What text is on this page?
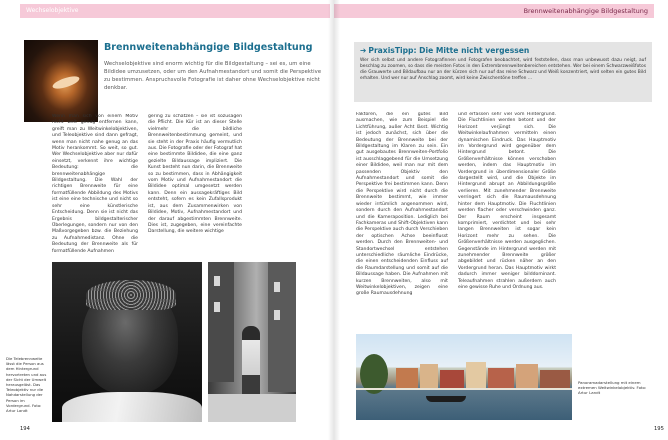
Wechselobjektive
Brennweitenabhängige Bildgestaltung
Wechselobjektive sind enorm wichtig für die Bildgestaltung – sei es, um eine Bildidee umzusetzen, oder um den Aufnahmestandort und somit die Perspektive zu bestimmen. Anspruchsvolle Fotografie ist daher ohne Wechselobjektive nicht denkbar.
Wenn man sich von einem Motiv nicht weit genug entfernen kann, greift man zu Weitwinkelobjektiven, und Teleobjektive sind dann gefragt, wenn man nicht nahe genug an das Motiv herankommt. So weit, so gut. Wer Wechselobjektive aber nur dafür einsetzt, verkennt ihre wichtige Bedeutung: die brennweitenabhängige Bildgestaltung. Die Wahl der richtigen Brennweite für eine formatfüllende Abbildung des Motivs ist eine eine technische und nicht so sehr eine künstlerische Entscheidung. Denn sie ist nicht das Ergebnis bildgestalterischer Überlegungen, sondern nur von den Maßvorgegeben bzw. die Beziehung zu Aufnahmedistanz. Ohne die Bedeutung der Brennweite als für formatfüllende Aufnahmen
gering zu schätzen – sie ist sozusagen die Pflicht. Die Kür ist an dieser Stelle vielmehr die bildliche Brennweitenbestimmung gemeint, und sie steht in der Praxis häufig vermutlich aus. Die Fotografie oder der Fotograf hat eine bestimmte Bildidee, die eine ganz gezielte Bildaussage impliziert. Die Kunst besteht nun darin, die Brennweite so zu bestimmen, dass in Abhängigkeit vom Motiv und Aufnahmestandort die Bildidee optimal umgesetzt werden kann. Denn ein aussagekräftiges Bild entsteht, sofern es kein Zufallsprodukt ist, aus dem Zusammenwirken von Bildidee, Motiv, Aufnahmestandort und der darauf abgestimmten Brennweite. Dies ist, zugegeben, eine vereinfachte Darstellung, die weitere wichtige
Die Telebrennweite lässt die Person aus dem Hintergrund hervortreten und aus der Sicht der Umwelt herausgelöst. Das Teleobjektiv nur die Nahdarstellung der Person im Vordergrund. Foto: Artur Landt
194
Brennweitenabhängige Bildgestaltung
➔ PraxisTipp: Die Mitte nicht vergessen
Wer sich selbst und andere Fotografinnen und Fotografen beobachtet, wird feststellen, dass man unbewusst dazu neigt, auf beschlag zu zoomen, so dass die meisten Fotos in den Extrembrennweitenbereichen entstehen. Wer bei einem Schwarzweißfotos die Grauwerte und Bildaufbau nur an der kürzen sich nur auf das reine Schwarz und Weiß konzentriert, wird selten ein gutes Bild erhalten. Und wer nur auf Anschlag zoomt, wird keine Zwischentöne treffen ...
Faktoren, die ein gutes Bild ausmachen, wie zum Beispiel die Lichtführung, außer Acht lässt. Wichtig ist jedoch zunächst, sich über die Bedeutung der Brennweite bei der Bildgestaltung im Klaren zu sein. Ein gut ausgebautes Brennweiten-Portfolio ist ausschlaggebend für die Umsetzung einer Bildidee, weil man nur mit dem passenden Objektiv den Aufnahmestandort und somit die Perspektive frei bestimmen kann. Denn die Perspektive wird nicht durch die Brennweite bestimmt, wie immer wieder irrtümlich angenommen wird, sondern durch den Aufnahmestandort und die Kameraposition. Lediglich bei Fachkameras und Shift-Objektiven kann die Perspektive auch durch Verschieben der optischen Achse beeinflusst werden. Durch den Brennweiten- und Standortwechsel entstehen unterschiedliche räumliche Eindrücke, die einen entscheidenden Einfluss auf die Raumdarstellung und somit auf die Bildaussage haben. Die Aufnahmen mit kurzen Brennweiten, also mit Weitwinkelobjektiven, zeigen eine große Raumausdehnung
und erfassen sehr viel vom Hintergrund. Die Fluchtlinien werden betont und der Horizont verjüngt sich. Die Weitwinkelaufnahmen vermitteln einen dynamischen Eindruck. Das Hauptmotiv im Vordergrund wird gegenüber dem Hintergrund betont. Die Größenverhältnisse können verschoben werden, indem das Hauptmotiv im Vordergrund in überdimensionaler Größe dargestellt wird, und die Objekte im Hintergrund abrupt an Abbildungsgröße verlieren. Mit zunehmender Brennweite verringert sich die Raumausdehnung hinter dem Hauptmotiv. Die Fluchtlinien werden flacher oder verschwinden ganz. Der Raum erscheint insgesamt komprimiert, verdichtet und bei sehr langen Brennweiten ist sogar kein Horizont mehr zu sehen. Die Größenverhältnisse werden ausgeglichen. Gegenstände im Hintergrund werden mit zunehmender Brennweite größer abgebildet und rücken näher an den Vordergrund heran. Das Hauptmotiv wirkt dadurch immer weniger bilddominant. Teleaufnahmen strahlen außerdem auch eine gewisse Ruhe und Ordnung aus.
Panoramadarstellung mit einem extremen Weitwinkelobjektiv. Foto: Artur Landt
195
